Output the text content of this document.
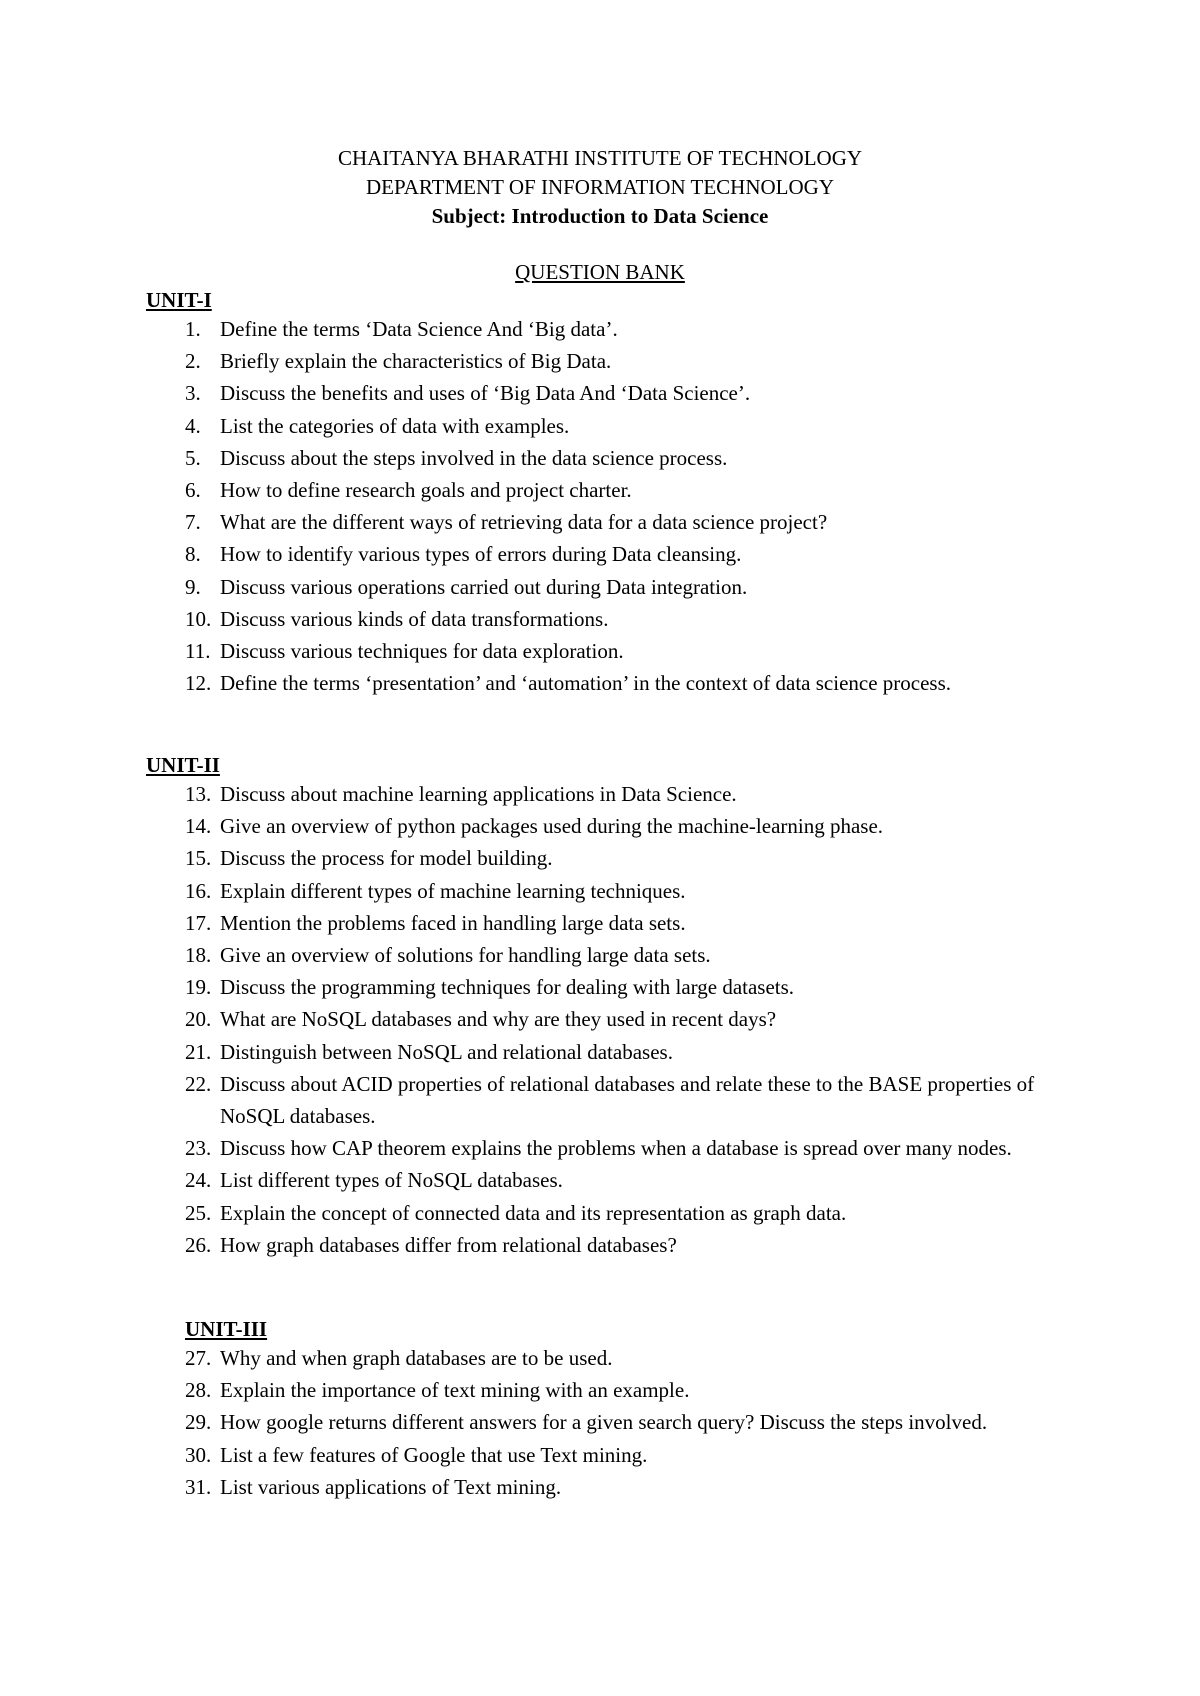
CHAITANYA BHARATHI INSTITUTE OF TECHNOLOGY
DEPARTMENT OF INFORMATION TECHNOLOGY
Subject: Introduction to Data Science
QUESTION BANK
UNIT-I
1. Define the terms ‘Data Science And ‘Big data’.
2. Briefly explain the characteristics of Big Data.
3. Discuss the benefits and uses of ‘Big Data And ‘Data Science’.
4. List the categories of data with examples.
5. Discuss about the steps involved in the data science process.
6. How to define research goals and project charter.
7. What are the different ways of retrieving data for a data science project?
8. How to identify various types of errors during Data cleansing.
9. Discuss various operations carried out during Data integration.
10. Discuss various kinds of data transformations.
11. Discuss various techniques for data exploration.
12. Define the terms ‘presentation’ and ‘automation’ in the context of data science process.
UNIT-II
13. Discuss about machine learning applications in Data Science.
14. Give an overview of python packages used during the machine-learning phase.
15. Discuss the process for model building.
16. Explain different types of machine learning techniques.
17. Mention the problems faced in handling large data sets.
18. Give an overview of solutions for handling large data sets.
19. Discuss the programming techniques for dealing with large datasets.
20. What are NoSQL databases and why are they used in recent days?
21. Distinguish between NoSQL and relational databases.
22. Discuss about ACID properties of relational databases and relate these to the BASE properties of NoSQL databases.
23. Discuss how CAP theorem explains the problems when a database is spread over many nodes.
24. List different types of NoSQL databases.
25. Explain the concept of connected data and its representation as graph data.
26. How graph databases differ from relational databases?
UNIT-III
27. Why and when graph databases are to be used.
28. Explain the importance of text mining with an example.
29. How google returns different answers for a given search query? Discuss the steps involved.
30. List a few features of Google that use Text mining.
31. List various applications of Text mining.
